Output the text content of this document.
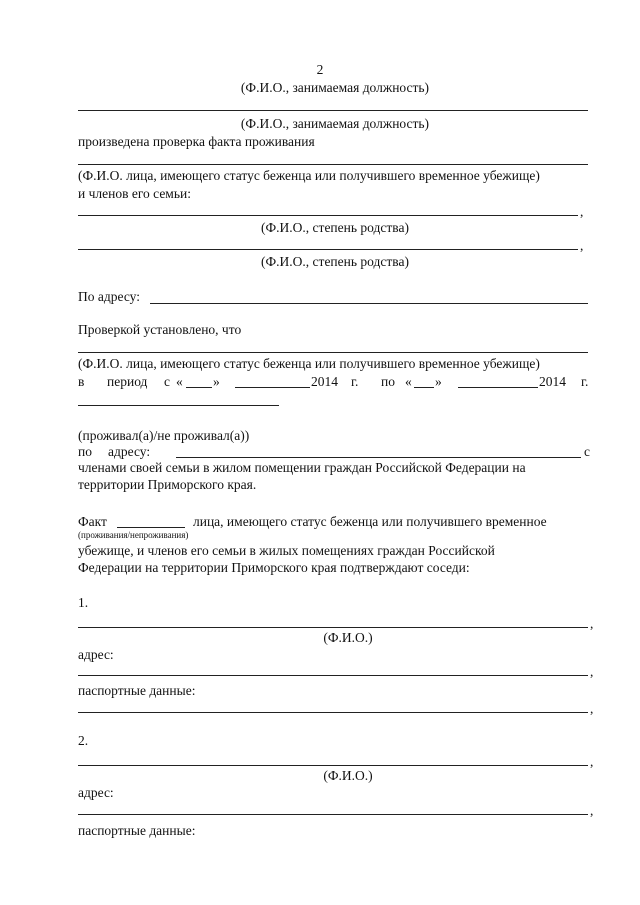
2
(Ф.И.О., занимаемая должность)
(Ф.И.О., занимаемая должность)
произведена проверка факта проживания
(Ф.И.О. лица, имеющего статус беженца или получившего временное убежище)
и членов его семьи:
,
(Ф.И.О., степень родства)
,
(Ф.И.О., степень родства)
По адресу:
Проверкой установлено, что
(Ф.И.О. лица, имеющего статус беженца или получившего временное убежище)
в период с « »	2014 г. по « »	2014 г.
(проживал(а)/не проживал(а))
по адресу:	с
членами своей семьи в жилом помещении граждан Российской Федерации на
территории Приморского края.
Факт	лица, имеющего статус беженца или получившего временное
(проживания/непроживания)
убежище, и членов его семьи в жилых помещениях граждан Российской
Федерации на территории Приморского края подтверждают соседи:
1.
,
(Ф.И.О.)
адрес:
,
паспортные данные:
,
2.
,
(Ф.И.О.)
адрес:
,
паспортные данные:
